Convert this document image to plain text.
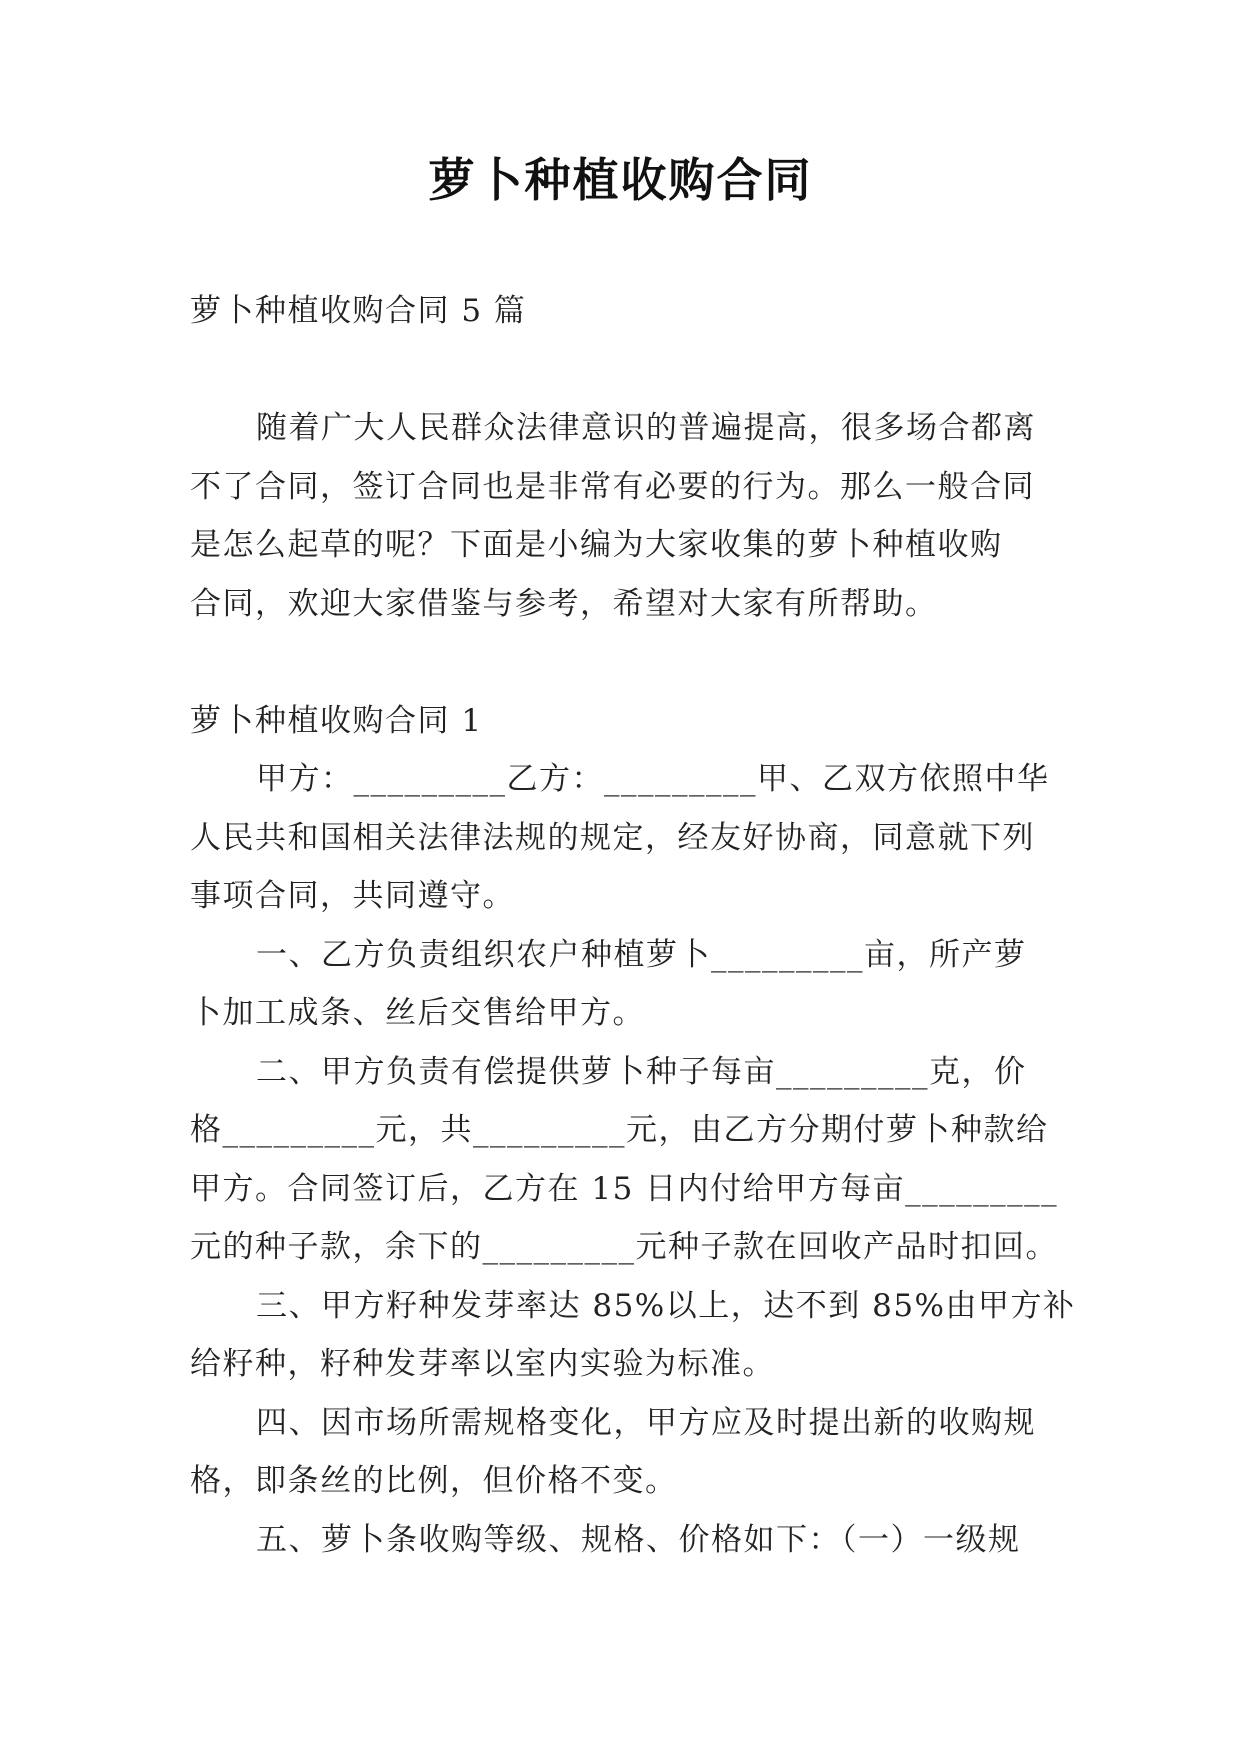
萝卜种植收购合同
萝卜种植收购合同 5 篇
随着广大人民群众法律意识的普遍提高，很多场合都离
不了合同，签订合同也是非常有必要的行为。那么一般合同
是怎么起草的呢？下面是小编为大家收集的萝卜种植收购
合同，欢迎大家借鉴与参考，希望对大家有所帮助。
萝卜种植收购合同 1
甲方：_________乙方：_________甲、乙双方依照中华
人民共和国相关法律法规的规定，经友好协商，同意就下列
事项合同，共同遵守。
一、乙方负责组织农户种植萝卜_________亩，所产萝
卜加工成条、丝后交售给甲方。
二、甲方负责有偿提供萝卜种子每亩_________克，价
格_________元，共_________元，由乙方分期付萝卜种款给
甲方。合同签订后，乙方在 15 日内付给甲方每亩_________
元的种子款，余下的_________元种子款在回收产品时扣回。
三、甲方籽种发芽率达 85%以上，达不到 85%由甲方补
给籽种，籽种发芽率以室内实验为标准。
四、因市场所需规格变化，甲方应及时提出新的收购规
格，即条丝的比例，但价格不变。
五、萝卜条收购等级、规格、价格如下：（一）一级规
